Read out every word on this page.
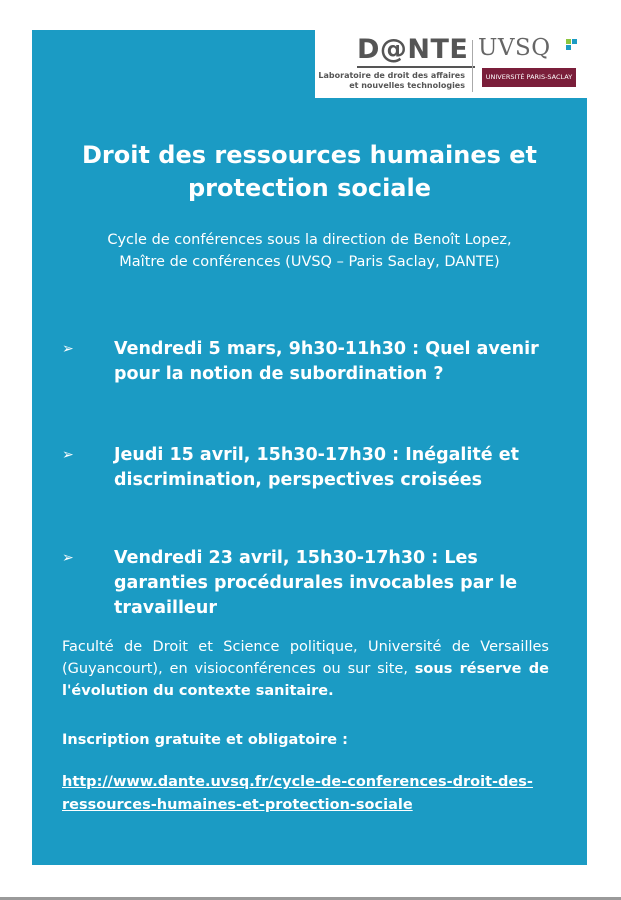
D@NTE
Laboratoire de droit des affaires
et nouvelles technologies
UVSQ
UNIVERSITÉ PARIS-SACLAY
Droit des ressources humaines et protection sociale
Cycle de conférences sous la direction de Benoît Lopez,
Maître de conférences (UVSQ – Paris Saclay, DANTE)
➢ Vendredi 5 mars, 9h30-11h30 : Quel avenir pour la notion de subordination ?
➢ Jeudi 15 avril, 15h30-17h30 : Inégalité et discrimination, perspectives croisées
➢ Vendredi 23 avril, 15h30-17h30 : Les garanties procédurales invocables par le travailleur
Faculté de Droit et Science politique, Université de Versailles (Guyancourt), en visioconférences ou sur site, sous réserve de l'évolution du contexte sanitaire.
Inscription gratuite et obligatoire :
http://www.dante.uvsq.fr/cycle-de-conferences-droit-des-ressources-humaines-et-protection-sociale
